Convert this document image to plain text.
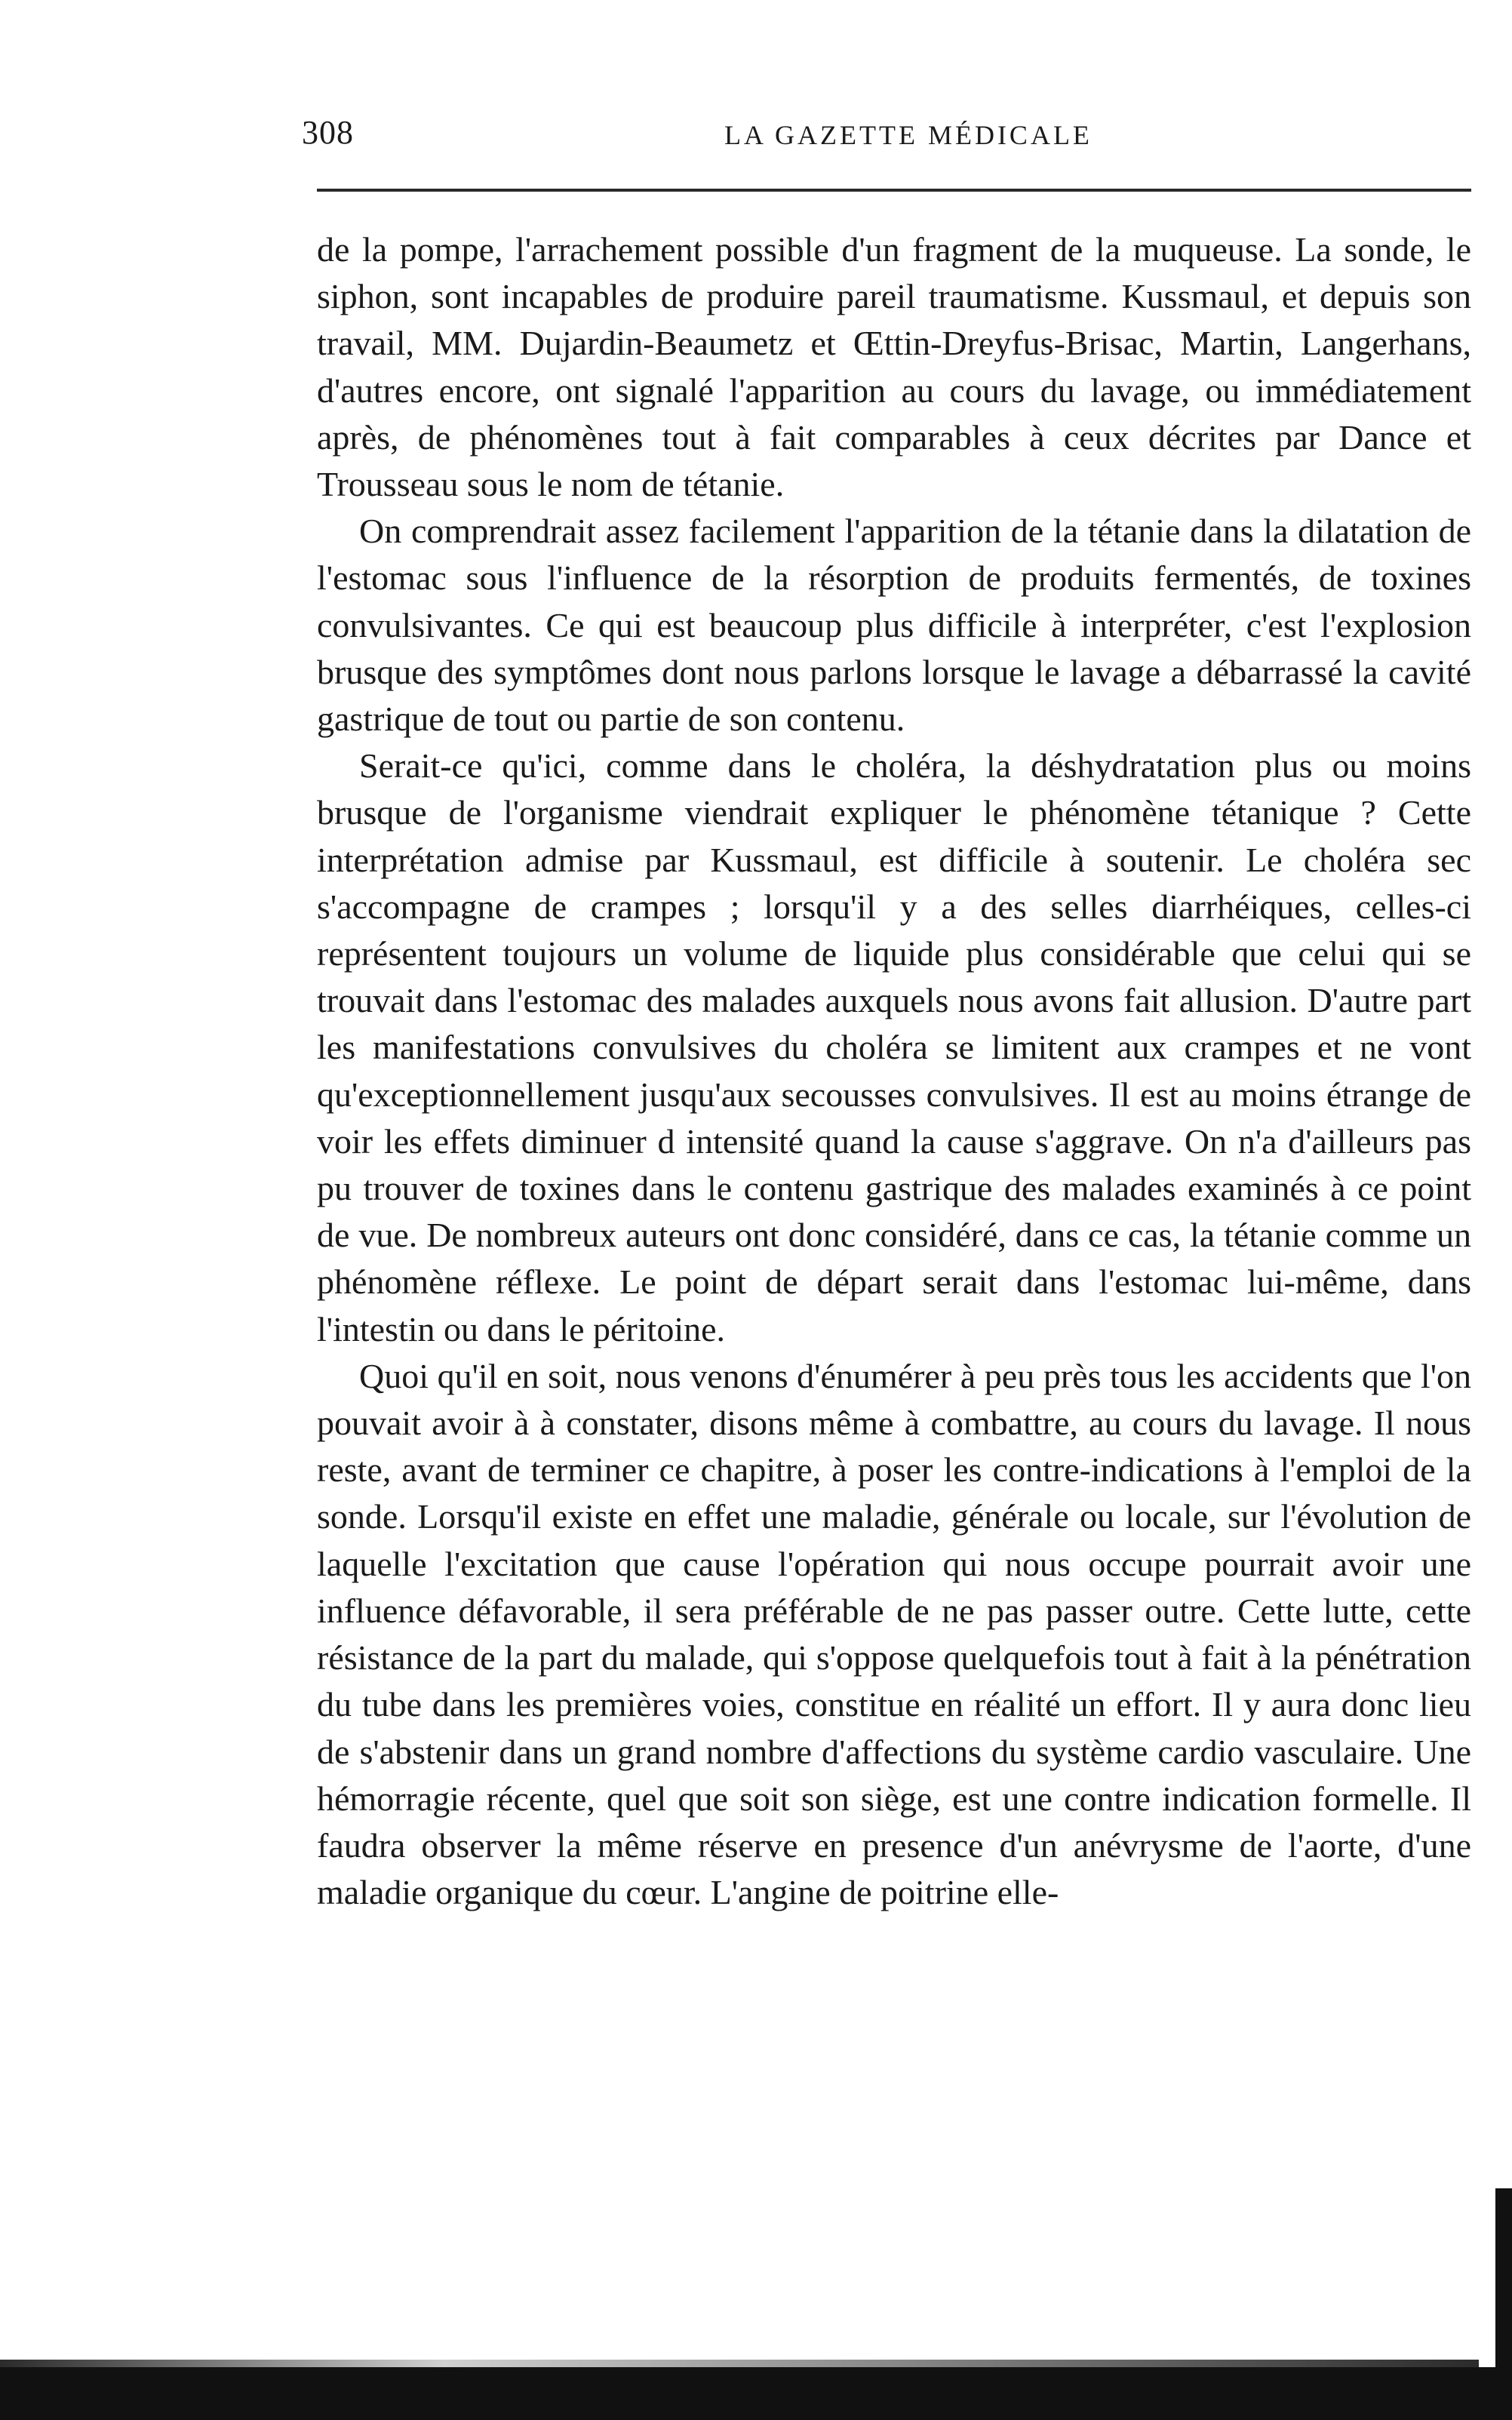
308	LA GAZETTE MÉDICALE

de la pompe, l'arrachement possible d'un fragment de la muqueuse. La sonde, le siphon, sont incapables de produire pareil traumatisme. Kussmaul, et depuis son travail, MM. Dujardin-Beaumetz et Œttin-Dreyfus-Brisac, Martin, Langerhans, d'autres encore, ont signalé l'apparition au cours du lavage, ou immédiatement après, de phénomènes tout à fait comparables à ceux décrites par Dance et Trousseau sous le nom de tétanie.

On comprendrait assez facilement l'apparition de la tétanie dans la dilatation de l'estomac sous l'influence de la résorption de produits fermentés, de toxines convulsivantes. Ce qui est beaucoup plus difficile à interpréter, c'est l'explosion brusque des symptômes dont nous parlons lorsque le lavage a débarrassé la cavité gastrique de tout ou partie de son contenu.

Serait-ce qu'ici, comme dans le choléra, la déshydratation plus ou moins brusque de l'organisme viendrait expliquer le phénomène tétanique ? Cette interprétation admise par Kussmaul, est difficile à soutenir. Le choléra sec s'accompagne de crampes ; lorsqu'il y a des selles diarrhéiques, celles-ci représentent toujours un volume de liquide plus considérable que celui qui se trouvait dans l'estomac des malades auxquels nous avons fait allusion. D'autre part les manifestations convulsives du choléra se limitent aux crampes et ne vont qu'exceptionnellement jusqu'aux secousses convulsives. Il est au moins étrange de voir les effets diminuer d intensité quand la cause s'aggrave. On n'a d'ailleurs pas pu trouver de toxines dans le contenu gastrique des malades examinés à ce point de vue. De nombreux auteurs ont donc considéré, dans ce cas, la tétanie comme un phénomène réflexe. Le point de départ serait dans l'estomac lui-même, dans l'intestin ou dans le péritoine.

Quoi qu'il en soit, nous venons d'énumérer à peu près tous les accidents que l'on pouvait avoir à à constater, disons même à combattre, au cours du lavage. Il nous reste, avant de terminer ce chapitre, à poser les contre-indications à l'emploi de la sonde. Lorsqu'il existe en effet une maladie, générale ou locale, sur l'évolution de laquelle l'excitation que cause l'opération qui nous occupe pourrait avoir une influence défavorable, il sera préférable de ne pas passer outre. Cette lutte, cette résistance de la part du malade, qui s'oppose quelquefois tout à fait à la pénétration du tube dans les premières voies, constitue en réalité un effort. Il y aura donc lieu de s'abstenir dans un grand nombre d'affections du système cardio vasculaire. Une hémorragie récente, quel que soit son siège, est une contre indication formelle. Il faudra observer la même réserve en presence d'un anévrysme de l'aorte, d'une maladie organique du cœur. L'angine de poitrine elle-
